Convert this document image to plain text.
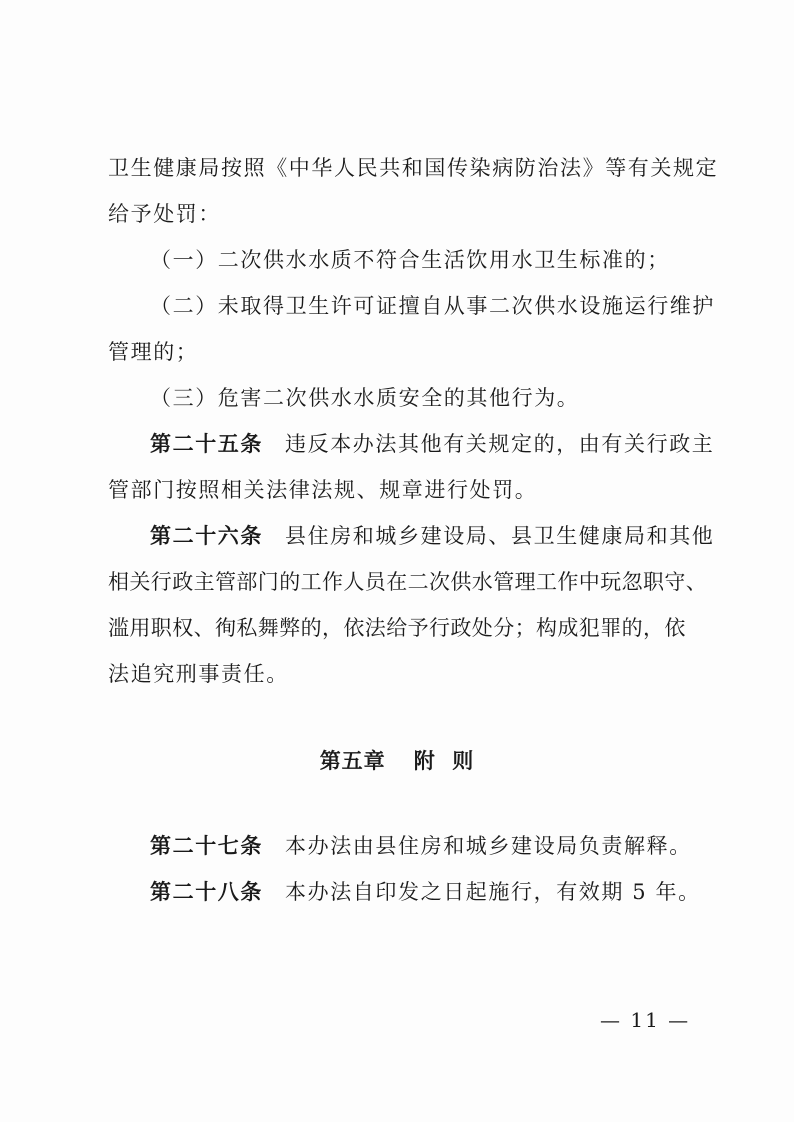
卫生健康局按照《中华人民共和国传染病防治法》等有关规定
给予处罚：
（一）二次供水水质不符合生活饮用水卫生标准的；
（二）未取得卫生许可证擅自从事二次供水设施运行维护
管理的；
（三）危害二次供水水质安全的其他行为。
第二十五条 违反本办法其他有关规定的，由有关行政主
管部门按照相关法律法规、规章进行处罚。
第二十六条 县住房和城乡建设局、县卫生健康局和其他
相关行政主管部门的工作人员在二次供水管理工作中玩忽职守、
滥用职权、徇私舞弊的，依法给予行政处分；构成犯罪的，依
法追究刑事责任。
第五章 附  则
第二十七条 本办法由县住房和城乡建设局负责解释。
第二十八条 本办法自印发之日起施行，有效期 5 年。
— 11 —
